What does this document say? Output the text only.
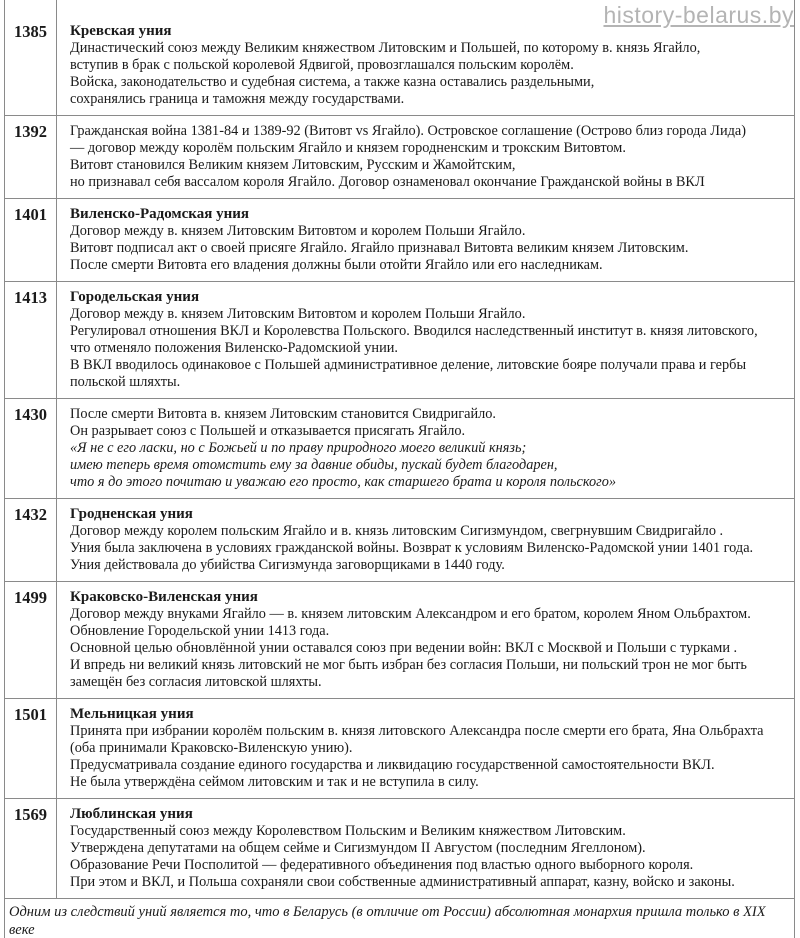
history-belarus.by
1385	Кревская уния
Династический союз между Великим княжеством Литовским и Польшей, по которому в. князь Ягайло,
вступив в брак с польской королевой Ядвигой, провозглашался польским королём.
Войска, законодательство и судебная система, а также казна оставались раздельными,
сохранялись граница и таможня между государствами.
1392	Гражданская война 1381-84 и 1389-92 (Витовт vs Ягайло). Островское соглашение (Острово близ города Лида)
— договор между королём польским Ягайло и князем городненским и трокским Витовтом.
Витовт становился Великим князем Литовским, Русским и Жамойтским,
но признавал себя вассалом короля Ягайло. Договор ознаменовал окончание Гражданской войны в ВКЛ
1401	Виленско-Радомская уния
Договор между в. князем Литовским Витовтом и королем Польши Ягайло.
Витовт подписал акт о своей присяге Ягайло. Ягайло признавал Витовта великим князем Литовским.
После смерти Витовта его владения должны были отойти Ягайло или его наследникам.
1413	Городельская уния
Договор между в. князем Литовским Витовтом и королем Польши Ягайло.
Регулировал отношения ВКЛ и Королевства Польского. Вводился наследственный институт в. князя литовского,
что отменяло положения Виленско-Радомскиой унии.
В ВКЛ вводилось одинаковое с Польшей административное деление, литовские бояре получали права и гербы
польской шляхты.
1430	После смерти Витовта в. князем Литовским становится Свидригайло.
Он разрывает союз с Польшей и отказывается присягать Ягайло.
«Я не с его ласки, но с Божьей и по праву природного моего великий князь;
имею теперь время отомстить ему за давние обиды, пускай будет благодарен,
что я до этого почитаю и уважаю его просто, как старшего брата и короля польского»
1432	Гродненская уния
Договор между королем польским Ягайло и в. князь литовским Сигизмундом, свегрнувшим Свидригайло .
Уния была заключена в условиях гражданской войны. Возврат к условиям Виленско-Радомской унии 1401 года.
Уния действовала до убийства Сигизмунда заговорщиками в 1440 году.
1499	Краковско-Виленская уния
Договор между внуками Ягайло — в. князем литовским Александром и его братом, королем Яном Ольбрахтом.
Обновление Городельской унии 1413 года.
Основной целью обновлённой унии оставался союз при ведении войн: ВКЛ с Москвой и Польши с турками .
И впредь ни великий князь литовский не мог быть избран без согласия Польши, ни польский трон не мог быть
замещён без согласия литовской шляхты.
1501	Мельницкая уния
Принята при избрании королём польским в. князя литовского Александра после смерти его брата, Яна Ольбрахта
(оба принимали Краковско-Виленскую унию).
Предусматривала создание единого государства и ликвидацию государственной самостоятельности ВКЛ.
Не была утверждёна сеймом литовским и так и не вступила в силу.
1569	Люблинская уния
Государственный союз между Королевством Польским и Великим княжеством Литовским.
Утверждена депутатами на общем сейме и Сигизмундом II Августом (последним Ягеллоном).
Образование Речи Посполитой — федеративного объединения под властью одного выборного короля.
При этом и ВКЛ, и Польша сохраняли свои собственные административный аппарат, казну, войско и законы.
Одним из следствий уний является то, что в Беларусь (в отличие от России) абсолютная монархия пришла только в XIX веке
